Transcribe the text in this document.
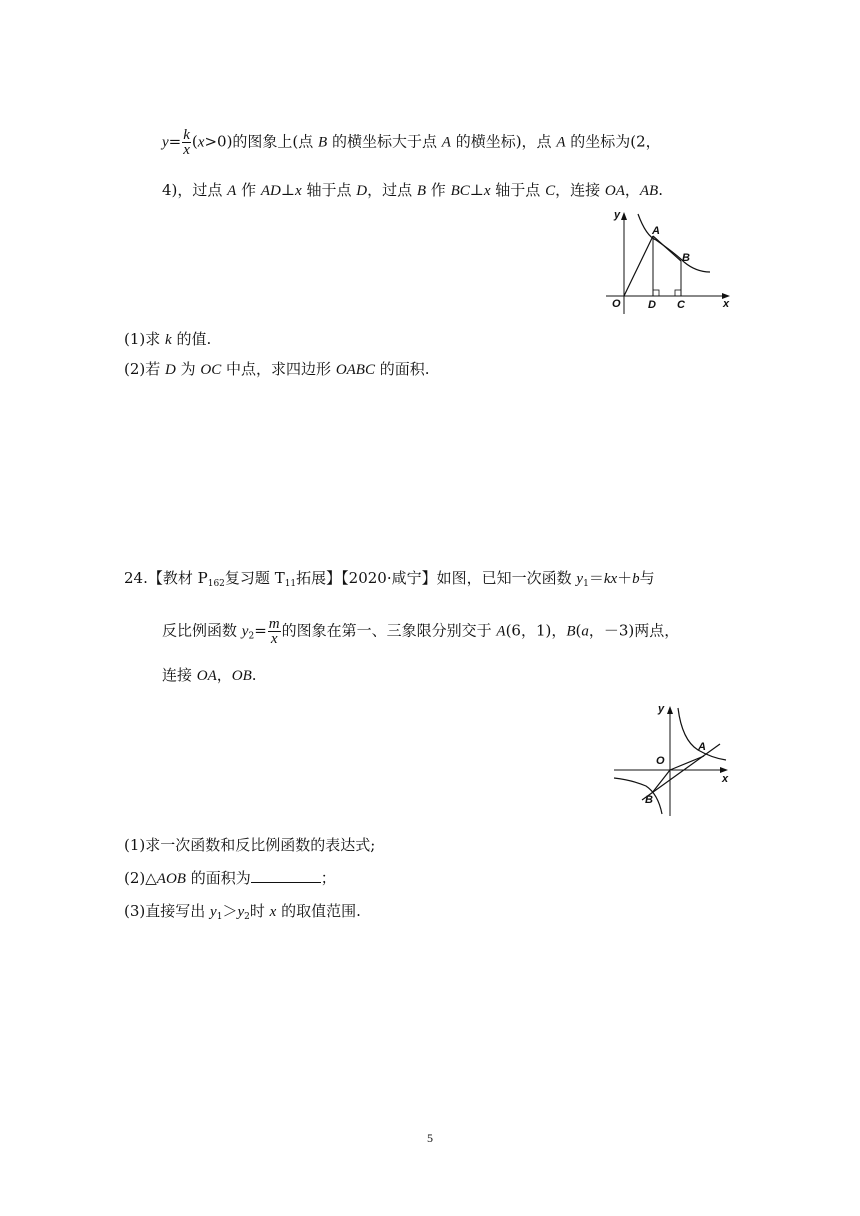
$y= \frac{k}{x} (x>0)$的图象上(点 B 的横坐标大于点 A 的横坐标)，点 A 的坐标为(2，
4)，过点 A 作 AD⊥x 轴于点 D，过点 B 作 BC⊥x 轴于点 C，连接 OA，AB.
y
x
O
A
B
D C
(1)求 k 的值.
(2)若 D 为 OC 中点，求四边形 OABC 的面积.
24.【教材 $P_{162}$复习题 $T_{11}$拓展】【2020·咸宁】如图，已知一次函数 $y_1=kx+b$与
反比例函数 $y_2= \frac{m}{x}$ 的图象在第一、三象限分别交于 A(6，1)，B(a，－3)两点，
连接 OA，OB.
y
x
O
A
B
(1)求一次函数和反比例函数的表达式;
(2)△AOB 的面积为	；
(3)直接写出 $y_1>y_2$时 x 的取值范围.
5
